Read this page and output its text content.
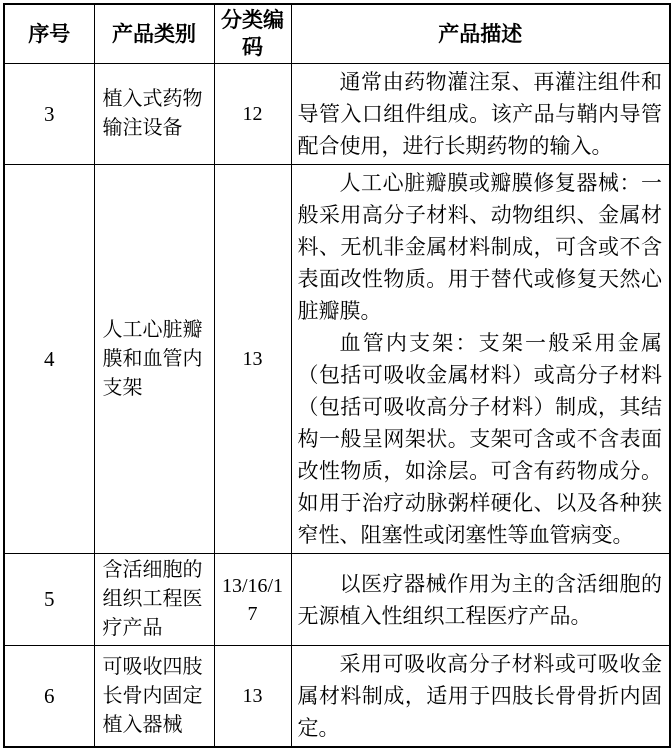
序号	产品类别	分类编码	产品描述
3	植入式药物输注设备	12	通常由药物灌注泵、再灌注组件和导管入口组件组成。该产品与鞘内导管配合使用，进行长期药物的输入。

4	人工心脏瓣膜和血管内支架	13	人工心脏瓣膜或瓣膜修复器械：一般采用高分子材料、动物组织、金属材料、无机非金属材料制成，可含或不含表面改性物质。用于替代或修复天然心脏瓣膜。

血管内支架：支架一般采用金属（包括可吸收金属材料）或高分子材料（包括可吸收高分子材料）制成，其结构一般呈网架状。支架可含或不含表面改性物质，如涂层。可含有药物成分。如用于治疗动脉粥样硬化、以及各种狭窄性、阻塞性或闭塞性等血管病变。

5	含活细胞的组织工程医疗产品	13/16/17	以医疗器械作用为主的含活细胞的无源植入性组织工程医疗产品。

6	可吸收四肢长骨内固定植入器械	13	采用可吸收高分子材料或可吸收金属材料制成，适用于四肢长骨骨折内固定。
